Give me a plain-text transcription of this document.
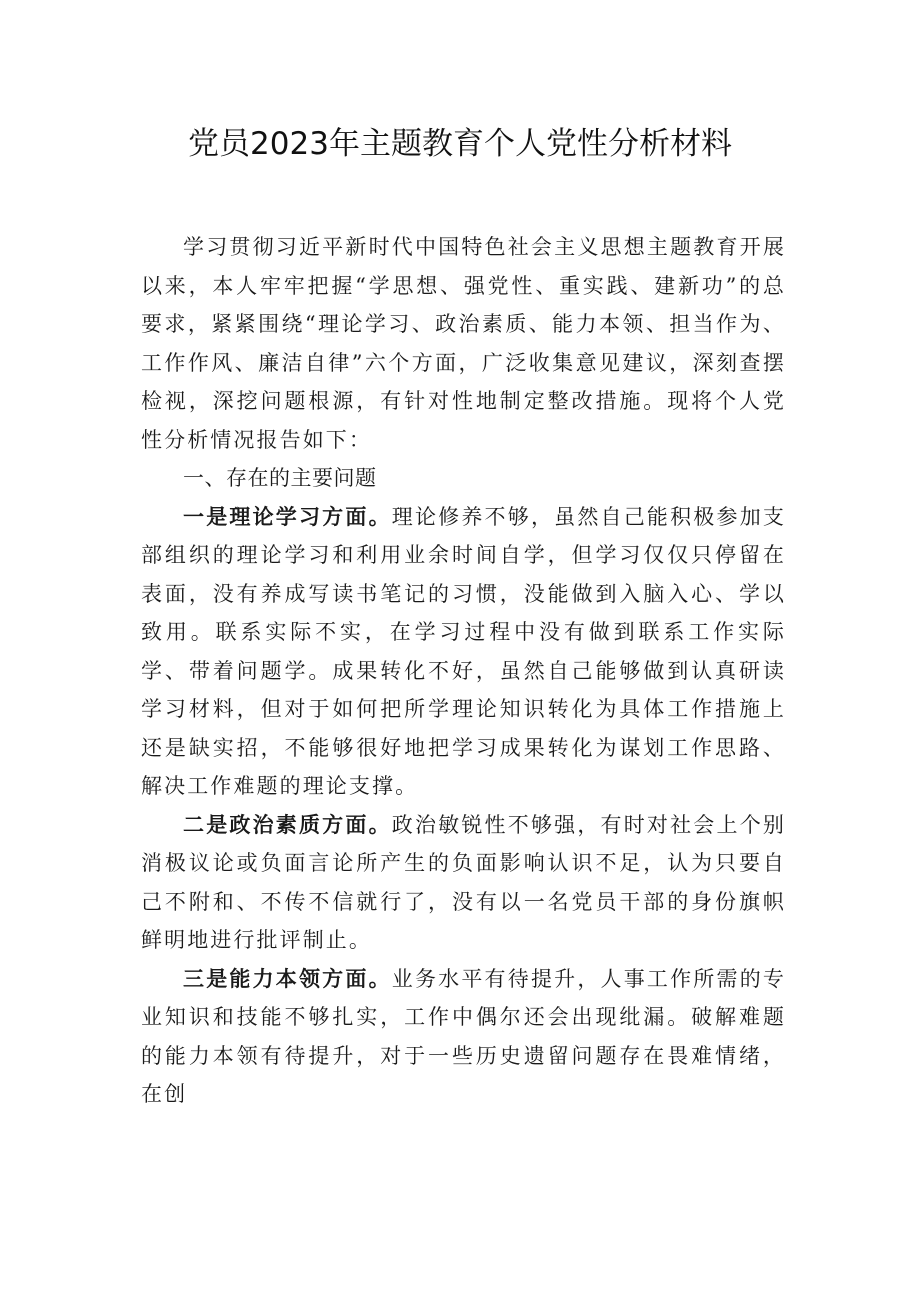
党员2023年主题教育个人党性分析材料

学习贯彻习近平新时代中国特色社会主义思想主题教育开展以来，本人牢牢把握“学思想、强党性、重实践、建新功”的总要求，紧紧围绕“理论学习、政治素质、能力本领、担当作为、工作作风、廉洁自律”六个方面，广泛收集意见建议，深刻查摆检视，深挖问题根源，有针对性地制定整改措施。现将个人党性分析情况报告如下：

一、存在的主要问题

一是理论学习方面。理论修养不够，虽然自己能积极参加支部组织的理论学习和利用业余时间自学，但学习仅仅只停留在表面，没有养成写读书笔记的习惯，没能做到入脑入心、学以致用。联系实际不实，在学习过程中没有做到联系工作实际学、带着问题学。成果转化不好，虽然自己能够做到认真研读学习材料，但对于如何把所学理论知识转化为具体工作措施上还是缺实招，不能够很好地把学习成果转化为谋划工作思路、解决工作难题的理论支撑。

二是政治素质方面。政治敏锐性不够强，有时对社会上个别消极议论或负面言论所产生的负面影响认识不足，认为只要自己不附和、不传不信就行了，没有以一名党员干部的身份旗帜鲜明地进行批评制止。

三是能力本领方面。业务水平有待提升，人事工作所需的专业知识和技能不够扎实，工作中偶尔还会出现纰漏。破解难题的能力本领有待提升，对于一些历史遗留问题存在畏难情绪，在创
